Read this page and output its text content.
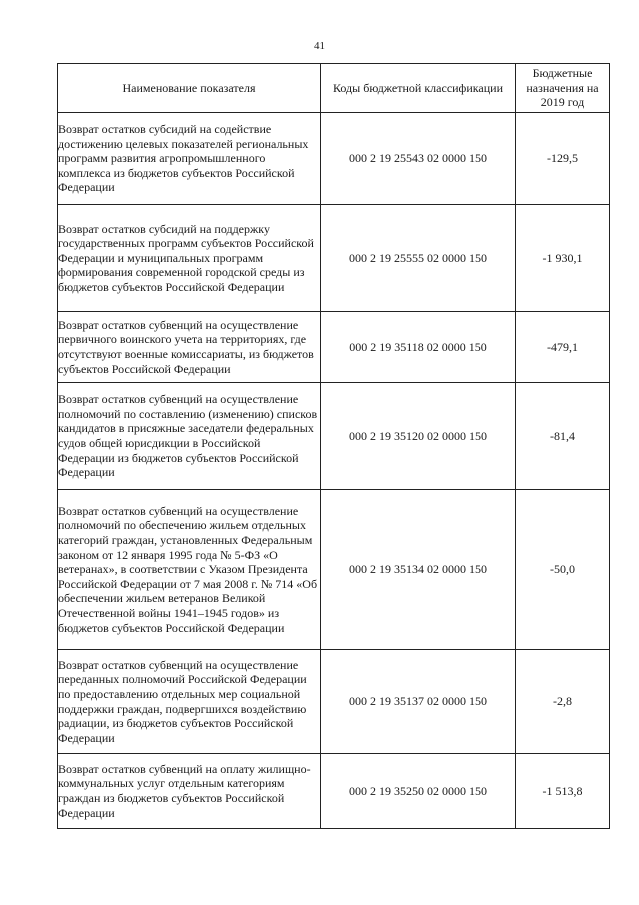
41
Наименование показателя	Коды бюджетной классификации	Бюджетные назначения на 2019 год
Возврат остатков субсидий на содействие достижению целевых показателей региональных программ развития агропромышленного комплекса из бюджетов субъектов Российской Федерации	000 2 19 25543 02 0000 150	-129,5
Возврат остатков субсидий на поддержку государственных программ субъектов Российской Федерации и муниципальных программ формирования современной городской среды из бюджетов субъектов Российской Федерации	000 2 19 25555 02 0000 150	-1 930,1
Возврат остатков субвенций на осуществление первичного воинского учета на территориях, где отсутствуют военные комиссариаты, из бюджетов субъектов Российской Федерации	000 2 19 35118 02 0000 150	-479,1
Возврат остатков субвенций на осуществление полномочий по составлению (изменению) списков кандидатов в присяжные заседатели федеральных судов общей юрисдикции в Российской Федерации из бюджетов субъектов Российской Федерации	000 2 19 35120 02 0000 150	-81,4
Возврат остатков субвенций на осуществление полномочий по обеспечению жильем отдельных категорий граждан, установленных Федеральным законом от 12 января 1995 года № 5-ФЗ «О ветеранах», в соответствии с Указом Президента Российской Федерации от 7 мая 2008 г. № 714 «Об обеспечении жильем ветеранов Великой Отечественной войны 1941–1945 годов» из бюджетов субъектов Российской Федерации	000 2 19 35134 02 0000 150	-50,0
Возврат остатков субвенций на осуществление переданных полномочий Российской Федерации по предоставлению отдельных мер социальной поддержки граждан, подвергшихся воздействию радиации, из бюджетов субъектов Российской Федерации	000 2 19 35137 02 0000 150	-2,8
Возврат остатков субвенций на оплату жилищно-коммунальных услуг отдельным категориям граждан из бюджетов субъектов Российской Федерации	000 2 19 35250 02 0000 150	-1 513,8
